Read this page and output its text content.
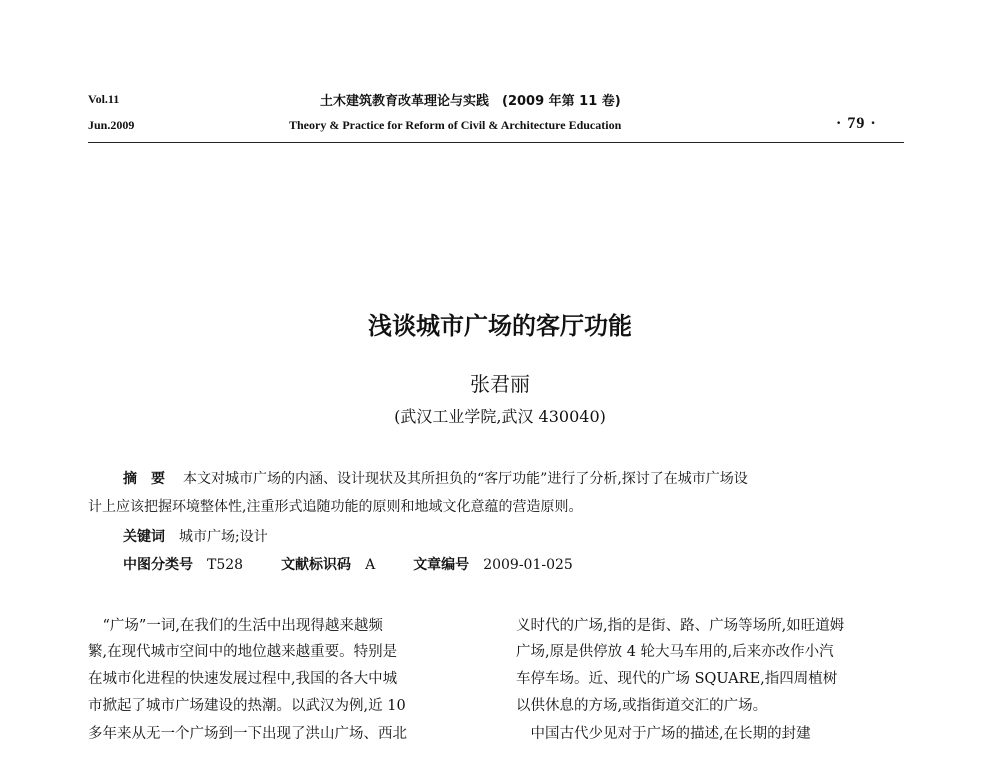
Vol.11
Jun.2009
土木建筑教育改革理论与实践　(2009 年第 11 卷)
Theory & Practice for Reform of Civil & Architecture Education	· 79 ·
浅谈城市广场的客厅功能
张君丽
(武汉工业学院,武汉 430040)
摘　要 本文对城市广场的内涵、设计现状及其所担负的“客厅功能”进行了分析,探讨了在城市广场设
计上应该把握环境整体性,注重形式追随功能的原则和地域文化意蕴的营造原则。
关键词 城市广场;设计
中图分类号 T528	文献标识码 A	文章编号 2009-01-025
　“广场”一词,在我们的生活中出现得越来越频
繁,在现代城市空间中的地位越来越重要。特别是
在城市化进程的快速发展过程中,我国的各大中城
市掀起了城市广场建设的热潮。以武汉为例,近 10
多年来从无一个广场到一下出现了洪山广场、西北
义时代的广场,指的是街、路、广场等场所,如旺道姆
广场,原是供停放 4 轮大马车用的,后来亦改作小汽
车停车场。近、现代的广场 SQUARE,指四周植树
以供休息的方场,或指街道交汇的广场。
　中国古代少见对于广场的描述,在长期的封建
